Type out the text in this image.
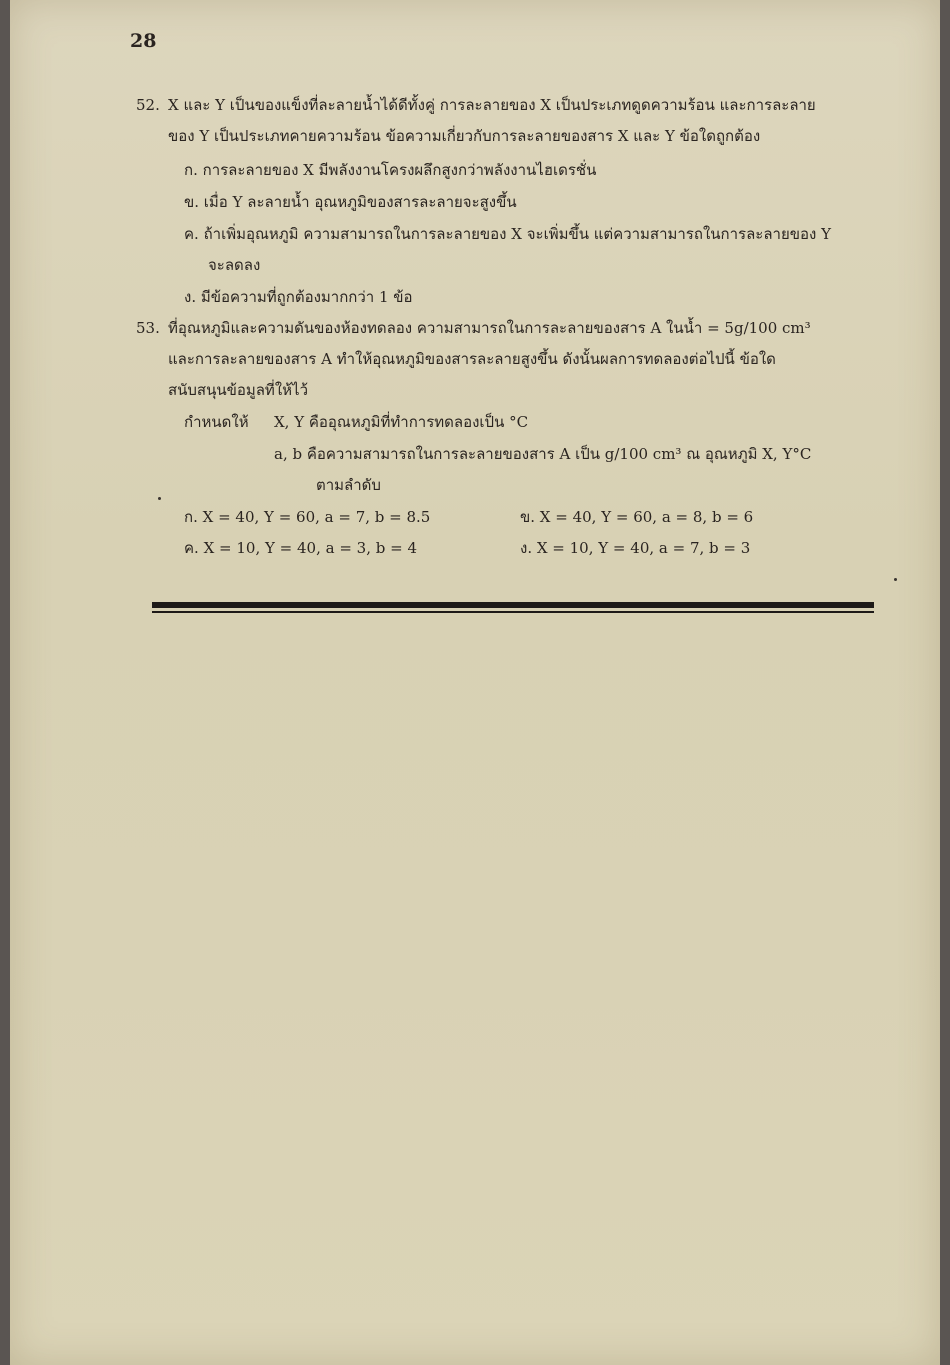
28
52. X และ Y เป็นของแข็งที่ละลายน้ำได้ดีทั้งคู่ การละลายของ X เป็นประเภทดูดความร้อน และการละลาย
ของ Y เป็นประเภทคายความร้อน ข้อความเกี่ยวกับการละลายของสาร X และ Y ข้อใดถูกต้อง
ก. การละลายของ X มีพลังงานโครงผลึกสูงกว่าพลังงานไฮเดรชั่น
ข. เมื่อ Y ละลายน้ำ อุณหภูมิของสารละลายจะสูงขึ้น
ค. ถ้าเพิ่มอุณหภูมิ ความสามารถในการละลายของ X จะเพิ่มขึ้น แต่ความสามารถในการละลายของ Y
จะลดลง
ง. มีข้อความที่ถูกต้องมากกว่า 1 ข้อ
53. ที่อุณหภูมิและความดันของห้องทดลอง ความสามารถในการละลายของสาร A ในน้ำ = 5g/100 cm³
และการละลายของสาร A ทำให้อุณหภูมิของสารละลายสูงขึ้น ดังนั้นผลการทดลองต่อไปนี้ ข้อใด
สนับสนุนข้อมูลที่ให้ไว้
กำหนดให้ X, Y คืออุณหภูมิที่ทำการทดลองเป็น °C
a, b คือความสามารถในการละลายของสาร A เป็น g/100 cm³ ณ อุณหภูมิ X, Y°C
ตามลำดับ
ก. X = 40, Y = 60, a = 7, b = 8.5	ข. X = 40, Y = 60, a = 8, b = 6
ค. X = 10, Y = 40, a = 3, b = 4	ง. X = 10, Y = 40, a = 7, b = 3
